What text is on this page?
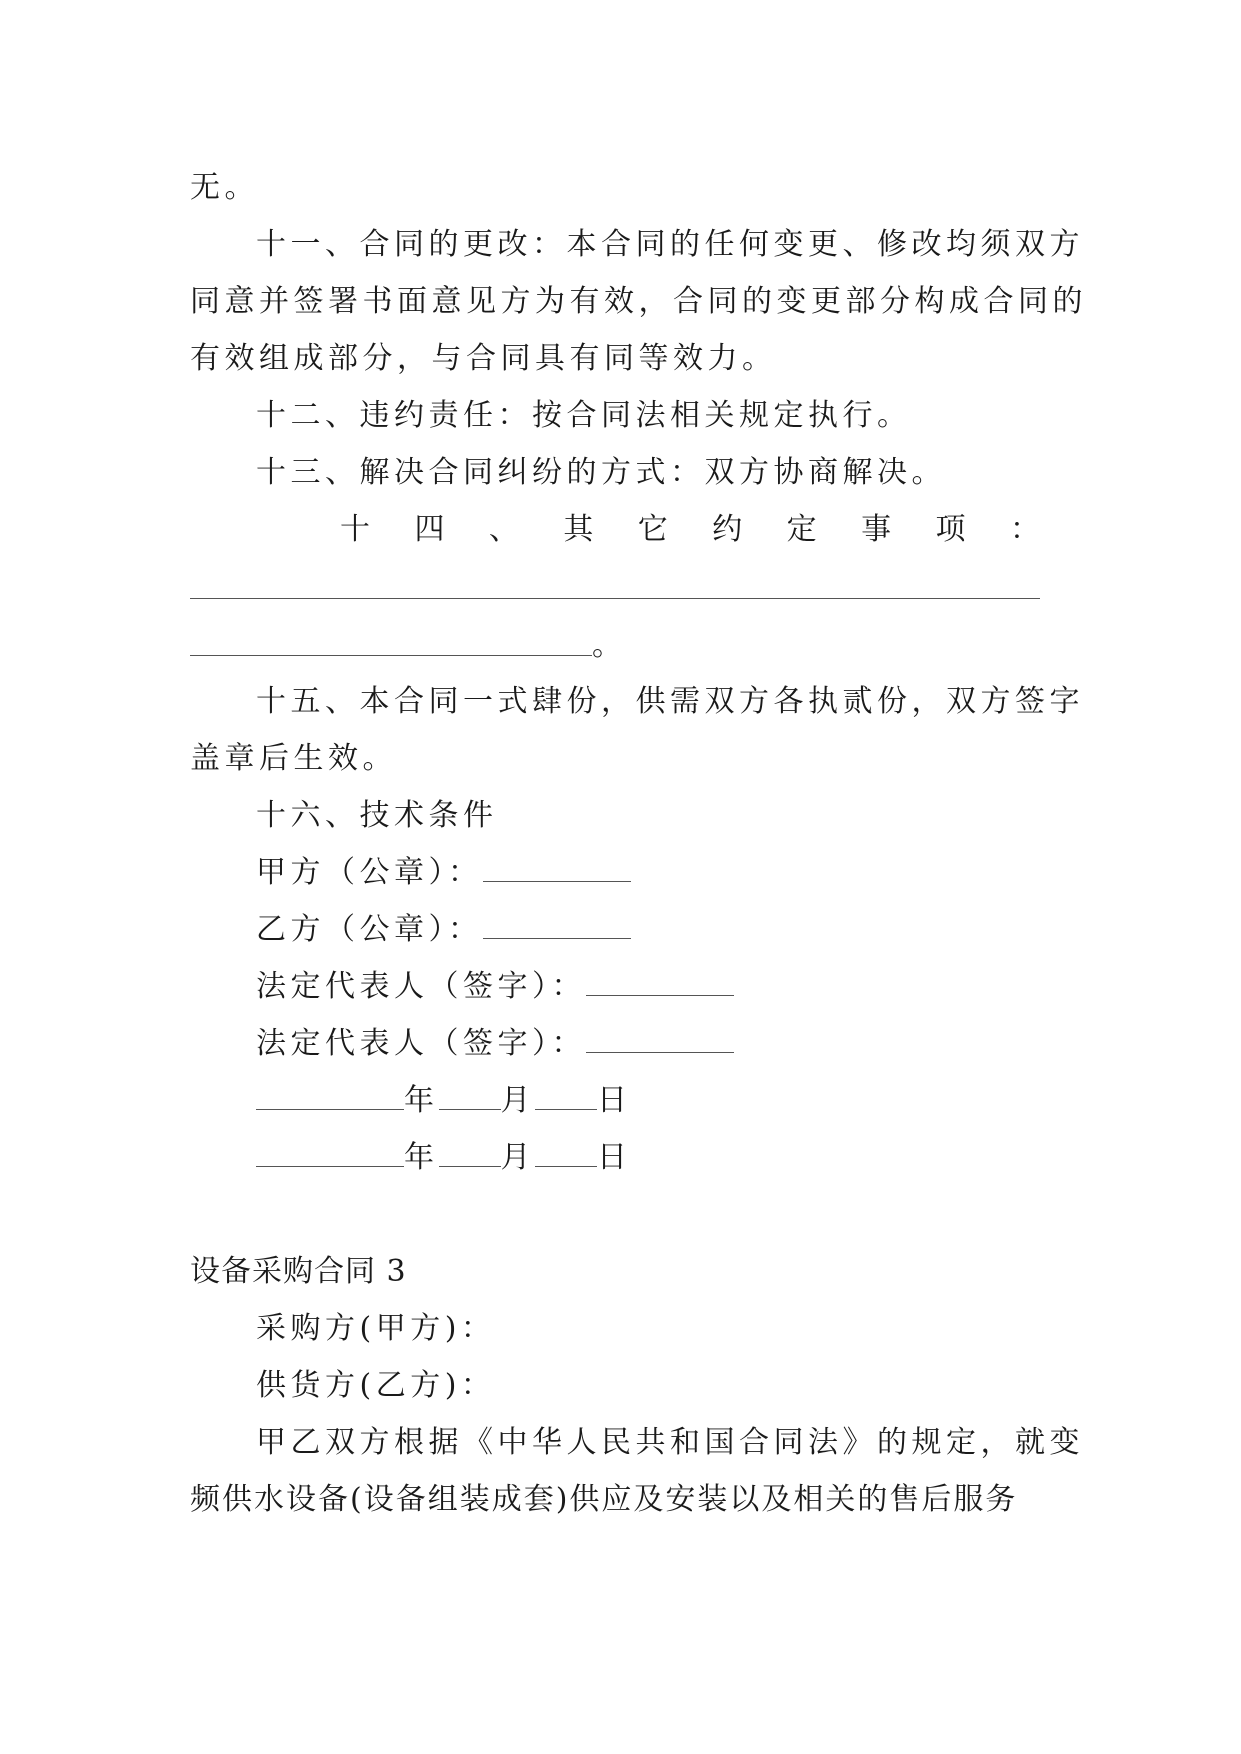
无。
十一、合同的更改：本合同的任何变更、修改均须双方
同意并签署书面意见方为有效，合同的变更部分构成合同的
有效组成部分，与合同具有同等效力。
十二、违约责任：按合同法相关规定执行。
十三、解决合同纠纷的方式：双方协商解决。
十 四 、 其 它 约 定 事 项 ：
。
十五、本合同一式肆份，供需双方各执贰份，双方签字
盖章后生效。
十六、技术条件
甲方（公章）：
乙方（公章）：
法定代表人（签字）：
法定代表人（签字）：
年 月 日
年 月 日
设备采购合同 3
采购方(甲方)：
供货方(乙方)：
甲乙双方根据《中华人民共和国合同法》的规定，就变
频供水设备(设备组装成套)供应及安装以及相关的售后服务
